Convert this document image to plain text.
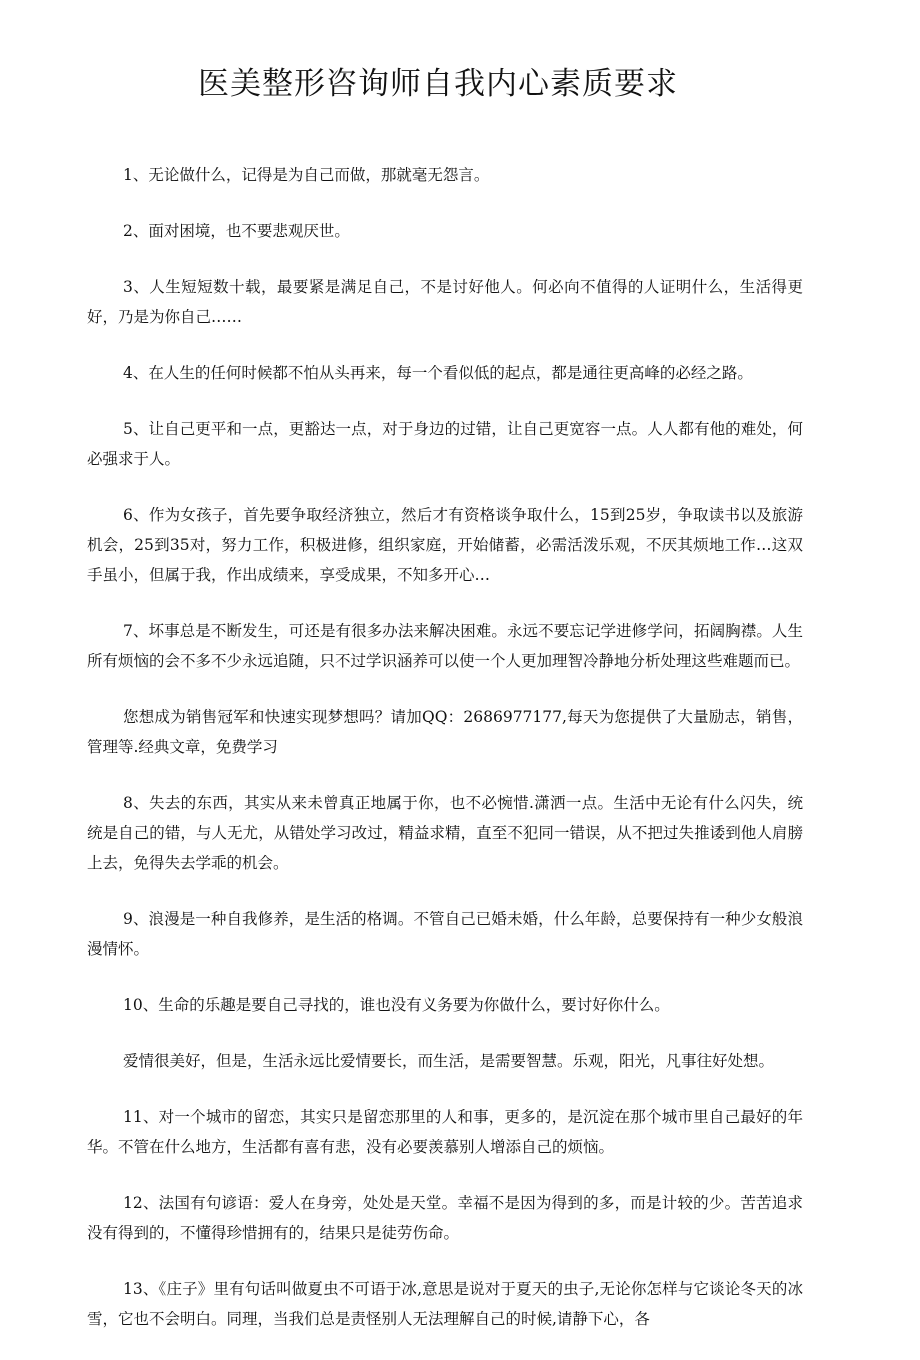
医美整形咨询师自我内心素质要求

1、无论做什么，记得是为自己而做，那就毫无怨言。

2、面对困境，也不要悲观厌世。

3、人生短短数十载，最要紧是满足自己，不是讨好他人。何必向不值得的人证明什么，生活得更好，乃是为你自己……

4、在人生的任何时候都不怕从头再来，每一个看似低的起点，都是通往更高峰的必经之路。

5、让自己更平和一点，更豁达一点，对于身边的过错，让自己更宽容一点。人人都有他的难处，何必强求于人。

6、作为女孩子，首先要争取经济独立，然后才有资格谈争取什么，15到25岁，争取读书以及旅游机会，25到35对，努力工作，积极进修，组织家庭，开始储蓄，必需活泼乐观，不厌其烦地工作…这双手虽小，但属于我，作出成绩来，享受成果，不知多开心…

7、坏事总是不断发生，可还是有很多办法来解决困难。永远不要忘记学进修学问，拓阔胸襟。人生所有烦恼的会不多不少永远追随，只不过学识涵养可以使一个人更加理智冷静地分析处理这些难题而已。

您想成为销售冠军和快速实现梦想吗？请加QQ：2686977177,每天为您提供了大量励志，销售，管理等.经典文章，免费学习

8、失去的东西，其实从来未曾真正地属于你，也不必惋惜.潇洒一点。生活中无论有什么闪失，统统是自己的错，与人无尤，从错处学习改过，精益求精，直至不犯同一错误，从不把过失推诿到他人肩膀上去，免得失去学乖的机会。

9、浪漫是一种自我修养，是生活的格调。不管自己已婚未婚，什么年龄，总要保持有一种少女般浪漫情怀。

10、生命的乐趣是要自己寻找的，谁也没有义务要为你做什么，要讨好你什么。

爱情很美好，但是，生活永远比爱情要长，而生活，是需要智慧。乐观，阳光，凡事往好处想。

11、对一个城市的留恋，其实只是留恋那里的人和事，更多的，是沉淀在那个城市里自己最好的年华。不管在什么地方，生活都有喜有悲，没有必要羡慕别人增添自己的烦恼。

12、法国有句谚语：爱人在身旁，处处是天堂。幸福不是因为得到的多，而是计较的少。苦苦追求没有得到的，不懂得珍惜拥有的，结果只是徒劳伤命。

13、《庄子》里有句话叫做夏虫不可语于冰,意思是说对于夏天的虫子,无论你怎样与它谈论冬天的冰雪，它也不会明白。同理，当我们总是责怪别人无法理解自己的时候,请静下心，各
